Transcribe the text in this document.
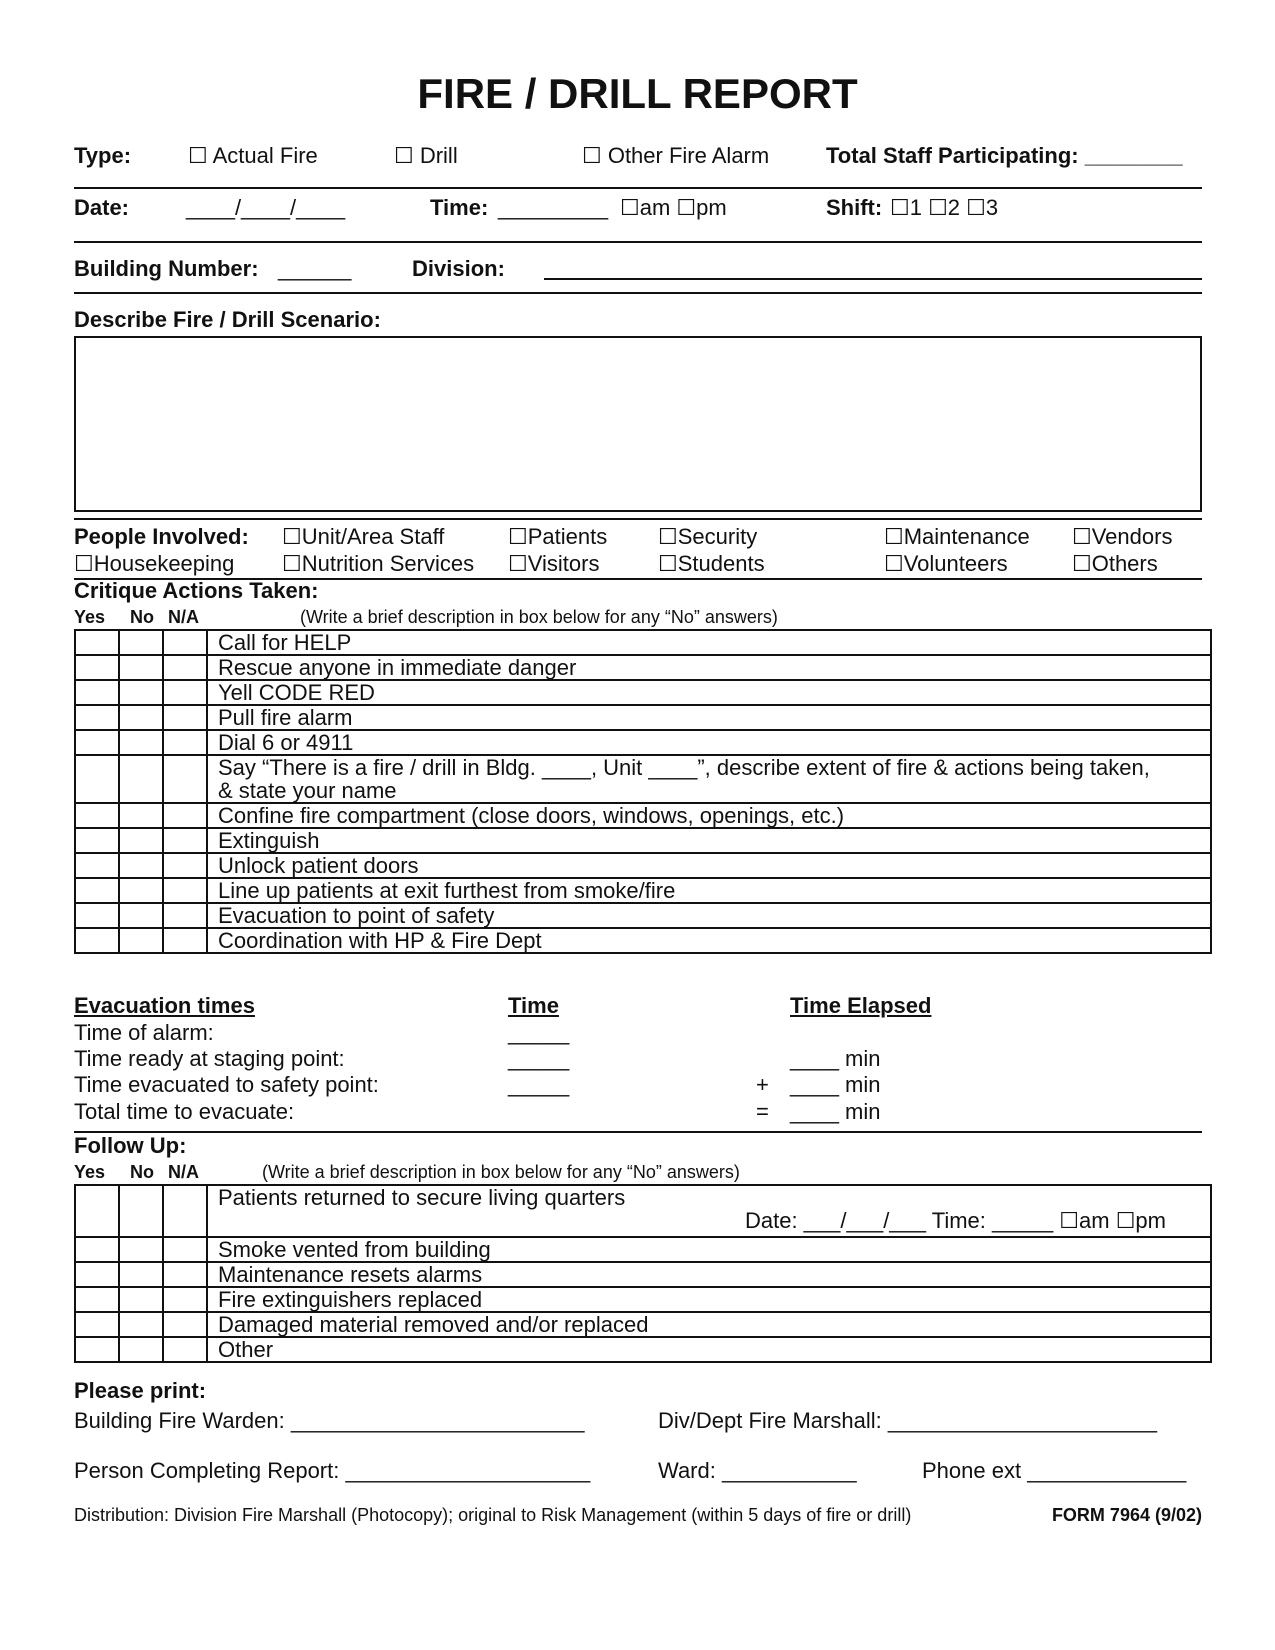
FIRE / DRILL REPORT
Type:	☐ Actual Fire	☐ Drill	☐ Other Fire Alarm	Total Staff Participating: ________
Date:	____/____/____	Time: _________ ☐am ☐pm	Shift: ☐1 ☐2 ☐3
Building Number: ______	Division:
Describe Fire / Drill Scenario:
People Involved: ☐Unit/Area Staff	☐Patients ☐Security	☐Maintenance ☐Vendors
☐Housekeeping ☐Nutrition Services ☐Visitors	☐Students	☐Volunteers	☐Others
Critique Actions Taken:
Yes No N/A	(Write a brief description in box below for any “No” answers)
			Call for HELP
			Rescue anyone in immediate danger
			Yell CODE RED
			Pull fire alarm
			Dial 6 or 4911

			Say “There is a fire / drill in Bldg. ____, Unit ____”, describe extent of fire & actions being taken,
& state your name

			Confine fire compartment (close doors, windows, openings, etc.)
			Extinguish
			Unlock patient doors
			Line up patients at exit furthest from smoke/fire
			Evacuation to point of safety
			Coordination with HP & Fire Dept
Evacuation times	Time	Time Elapsed
Time of alarm:	_____
Time ready at staging point:	_____	____ min
Time evacuated to safety point:	_____	+ ____ min
Total time to evacuate:	= ____ min
Follow Up:
Yes No N/A	(Write a brief description in box below for any “No” answers)

			Patients returned to secure living quarters
Date: ___/___/___ Time: _____ ☐am ☐pm

			Smoke vented from building
			Maintenance resets alarms
			Fire extinguishers replaced
			Damaged material removed and/or replaced
			Other
Please print:
Building Fire Warden: ________________________	Div/Dept Fire Marshall: ______________________
Person Completing Report: ____________________	Ward: ___________	Phone ext _____________
Distribution: Division Fire Marshall (Photocopy); original to Risk Management (within 5 days of fire or drill)	FORM 7964 (9/02)
